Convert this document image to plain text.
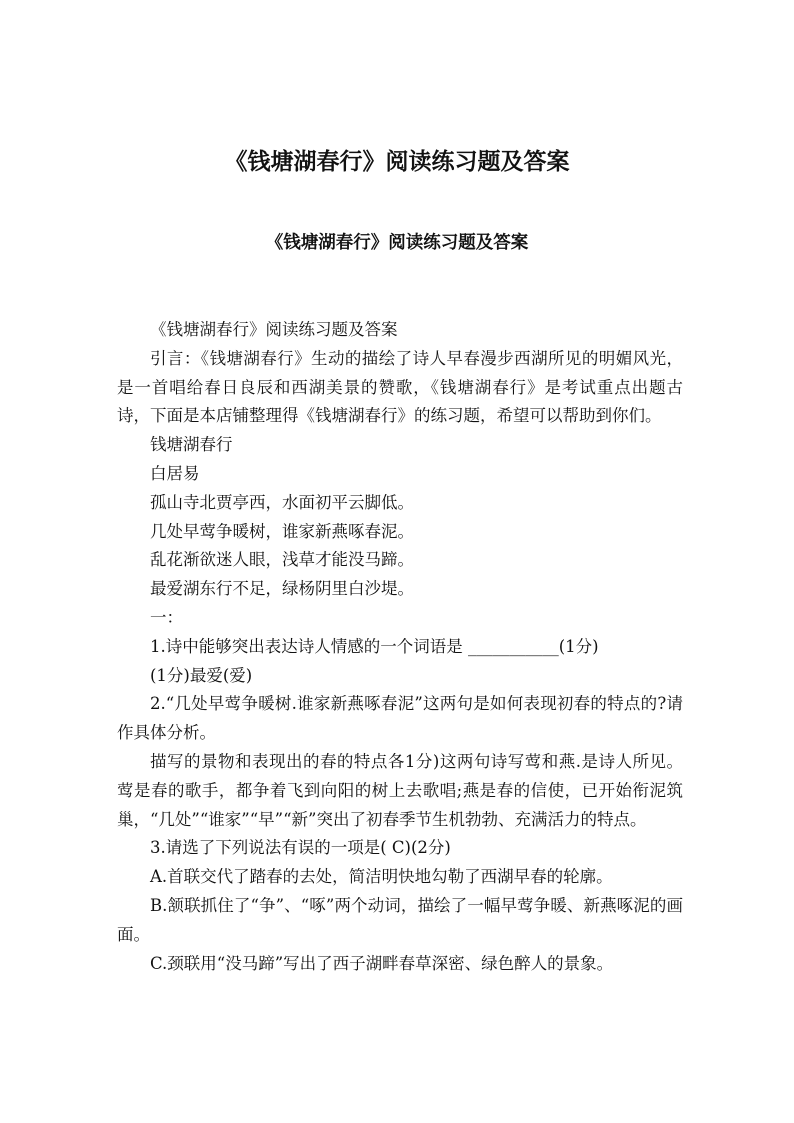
《钱塘湖春行》阅读练习题及答案
《钱塘湖春行》阅读练习题及答案

《钱塘湖春行》阅读练习题及答案

引言：《钱塘湖春行》生动的描绘了诗人早春漫步西湖所见的明媚风光，是一首唱给春日良辰和西湖美景的赞歌，《钱塘湖春行》是考试重点出题古诗，下面是本店铺整理得《钱塘湖春行》的练习题，希望可以帮助到你们。

钱塘湖春行

白居易

孤山寺北贾亭西，水面初平云脚低。

几处早莺争暖树，谁家新燕啄春泥。

乱花渐欲迷人眼，浅草才能没马蹄。

最爱湖东行不足，绿杨阴里白沙堤。

一：

1.诗中能够突出表达诗人情感的一个词语是 ___________(1分)

(1分)最爱(爱)

2.“几处早莺争暖树.谁家新燕啄春泥”这两句是如何表现初春的特点的?请作具体分析。

描写的景物和表现出的春的特点各1分)这两句诗写莺和燕.是诗人所见。莺是春的歌手，都争着飞到向阳的树上去歌唱;燕是春的信使，已开始衔泥筑巢，“几处”“谁家”“早”“新”突出了初春季节生机勃勃、充满活力的特点。

3.请选了下列说法有误的一项是( C)(2分)

A.首联交代了踏春的去处，简洁明快地勾勒了西湖早春的轮廓。

B.颔联抓住了“争”、“啄”两个动词，描绘了一幅早莺争暖、新燕啄泥的画面。

C.颈联用“没马蹄”写出了西子湖畔春草深密、绿色醉人的景象。
